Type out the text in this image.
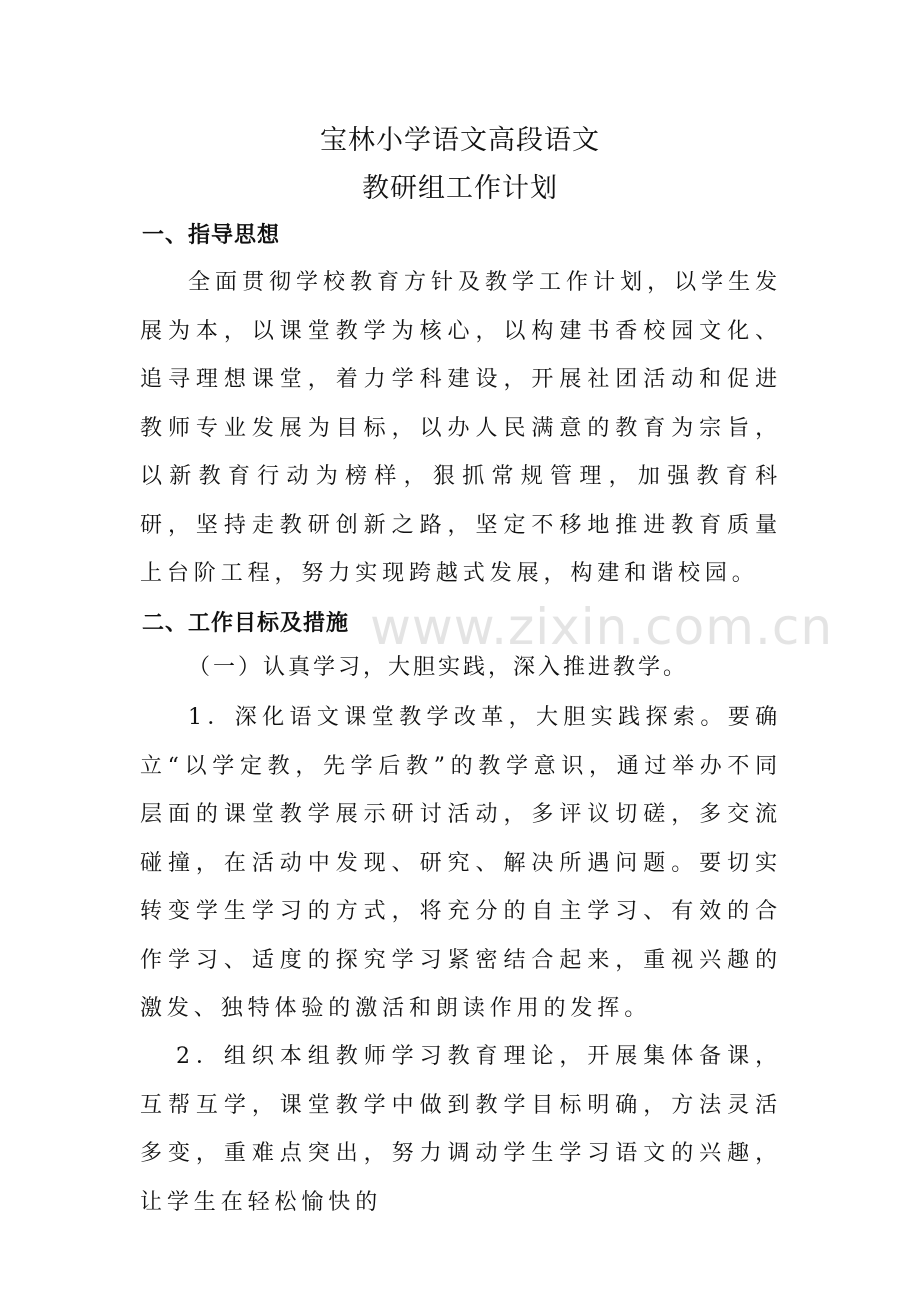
宝林小学语文高段语文
教研组工作计划
一、指导思想

全面贯彻学校教育方针及教学工作计划，以学生发展为本，以课堂教学为核心，以构建书香校园文化、追寻理想课堂，着力学科建设，开展社团活动和促进教师专业发展为目标，以办人民满意的教育为宗旨，以新教育行动为榜样，狠抓常规管理，加强教育科研，坚持走教研创新之路，坚定不移地推进教育质量上台阶工程，努力实现跨越式发展，构建和谐校园。

二、工作目标及措施

（一）认真学习，大胆实践，深入推进教学。

1．深化语文课堂教学改革，大胆实践探索。要确立“以学定教，先学后教”的教学意识，通过举办不同层面的课堂教学展示研讨活动，多评议切磋，多交流碰撞，在活动中发现、研究、解决所遇问题。要切实转变学生学习的方式，将充分的自主学习、有效的合作学习、适度的探究学习紧密结合起来，重视兴趣的激发、独特体验的激活和朗读作用的发挥。

2．组织本组教师学习教育理论，开展集体备课，互帮互学，课堂教学中做到教学目标明确，方法灵活多变，重难点突出，努力调动学生学习语文的兴趣，让学生在轻松愉快的

www.zixin.com.cn
